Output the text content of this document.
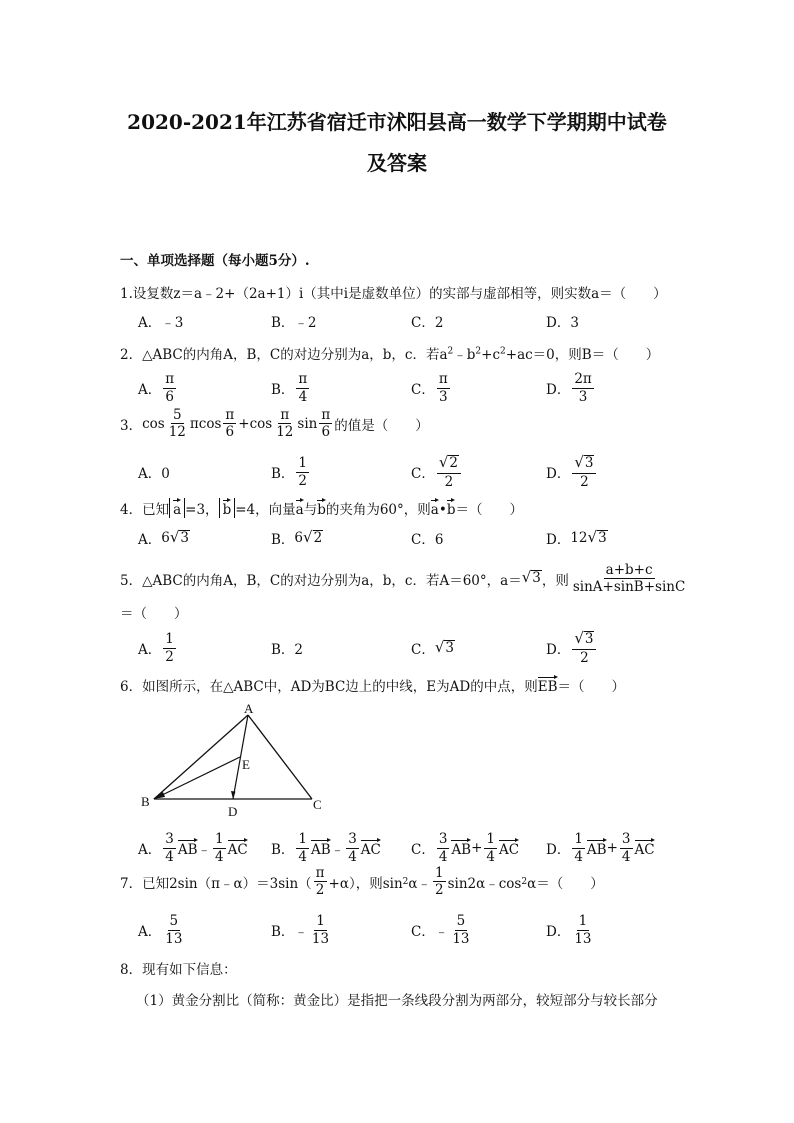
2020-2021年江苏省宿迁市沭阳县高一数学下学期期中试卷
及答案
一、单项选择题（每小题5分）.
1.设复数z＝a﹣2+（2a+1）i（其中i是虚数单位）的实部与虚部相等，则实数a＝（　　）
A．﹣3	B．﹣2	C．2	D．3
2．△ABC的内角A，B，C的对边分别为a，b，c．若$a^2﹣b^2+c^2+ac=0$，则B＝（　　）
A． $\frac{\pi}{6}$	B． $\frac{\pi}{4}$	C． $\frac{\pi}{3}$	D． $\frac{2\pi}{3}$
3． $\cos \frac{5}{12}$ π $\cos \frac{\pi}{6} +\cos \frac{\pi}{12}$ $\sin \frac{\pi}{6}$ 的值是（　　）
A．0	B． $\frac{1}{2}$	C． $\frac{√ 2}{2}$	D． $\frac{√ 3}{2}$
4．已知 a =3， b =4，向量a与b的夹角为60°，则a•b＝（　　）
A． 6 √ 3	B． 6 √ 2	C．6	D． 12 √ 3
5．△ABC的内角A，B，C的对边分别为a，b，c．若A＝60°，a＝ √ 3 ，则 $\frac{a+b+c}{\sin A+\sin B+\sin C}$
＝（　　）
A． $\frac{1}{2}$	B．2	C． √ 3	D． $\frac{√ 3}{2}$
6．如图所示，在△ABC中，AD为BC边上的中线，E为AD的中点，则EB＝（　　）
A
B	C
D
E
A． $\frac{3}{4}$ AB ﹣ $\frac{1}{4}$ AC B． $\frac{1}{4}$ AB ﹣ $\frac{3}{4}$ AC C． $\frac{3}{4}$ AB + $\frac{1}{4}$ AC D． $\frac{1}{4}$ AB + $\frac{3}{4}$ AC
7．已知2sin（π﹣α）＝3sin（ $\frac{\pi}{2} +\alpha$），则sin 2 α﹣ $\frac{1}{2}$ sin2α﹣cos 2 α＝（　　）
A． $\frac{5}{13}$	B． ﹣ $\frac{1}{13}$	C． ﹣ $\frac{5}{13}$	D． $\frac{1}{13}$
8．现有如下信息：
（1）黄金分割比（简称：黄金比）是指把一条线段分割为两部分，较短部分与较长部分
